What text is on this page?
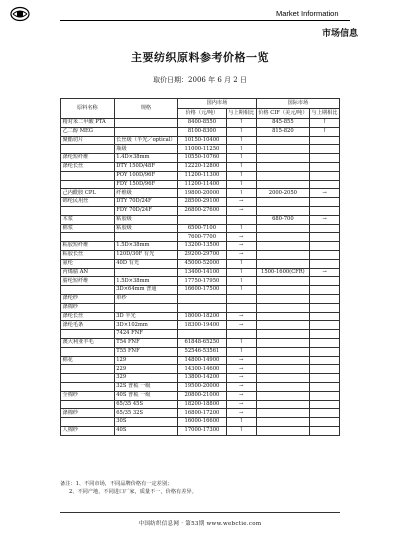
Market Information
市场信息
主要纺织原料参考价格一览
取价日期：2006 年 6 月 2 日
原料名称	规格	国内市场		国际市场	
		价格（元/吨）	与上期相比	价格 CIF（美元/吨）	与上期相比
精对苯二甲酸 PTA		8400-8550	↑	845-855	↑
乙二醇 MEG		8100-8300	↑	815-820	↑
聚酯切片	长丝级（半光／optical）	10150-10400	↑		
	瓶级	11000-11250	↑		
涤纶短纤维	1.4D×38mm	10550-10760	↑		
涤纶长丝	DTY 150D/48F	12220-12800	↑		
	POY 100D/96F	11200-11300	↑		
	FDY 150D/96F	11200-11400	↑		
己内酰胺 CPL	纤维级	19800-20000	↑	2000-2050	→
锦纶民用丝	DTY 70D/24F	28500-29100	→		
	FDY 70D/24F	26800-27600	→		
木浆	粘胶级			680-700	→
棉浆	粘胶级	6500-7100	↑		
		7600-7700	→		
粘胶短纤维	1.5D×38mm	13200-13500	→		
粘胶长丝	120D/30F 有光	29200-29700	→		
氨纶	40D 有光	45000-52000	↑		
丙烯腈 AN		13400-14100	↑	1500-1600(CFR)	→
腈纶短纤维	1.5D×38mm	17750-17950	↑		
	3D×64mm 普通	16600-17500	↑		
涤纶纱	单纱				
涤棉纱					
涤纶长丝	3D 半光	18000-18200	→		
涤纶毛条	3D×102mm	18300-19400	→		
	7424 FNF				
澳大利亚羊毛	T54 FNF	61848-65250	↑		
	T55 FNF	52546-53561	↑		
棉花	129	14800-14900	→		
	229	14300-14600	→		
	329	13800-14200	→		
	32S 普梳 一级	19500-20000	→		
全棉纱	40S 普梳 一级	20800-21000	→		
	65/35 45S	18200-18800	→		
涤棉纱	65/35 32S	16800-17200	→		
	30S	16000-16600	↑		
人棉纱	40S	17000-17300	↑		
备注：1、不同市场，不同品牌价格有一定差别；
2、不同产地，不同进口厂家，质量不一，价格有差异。
中国纺织信息网 · 第53期 www.webctie.com
